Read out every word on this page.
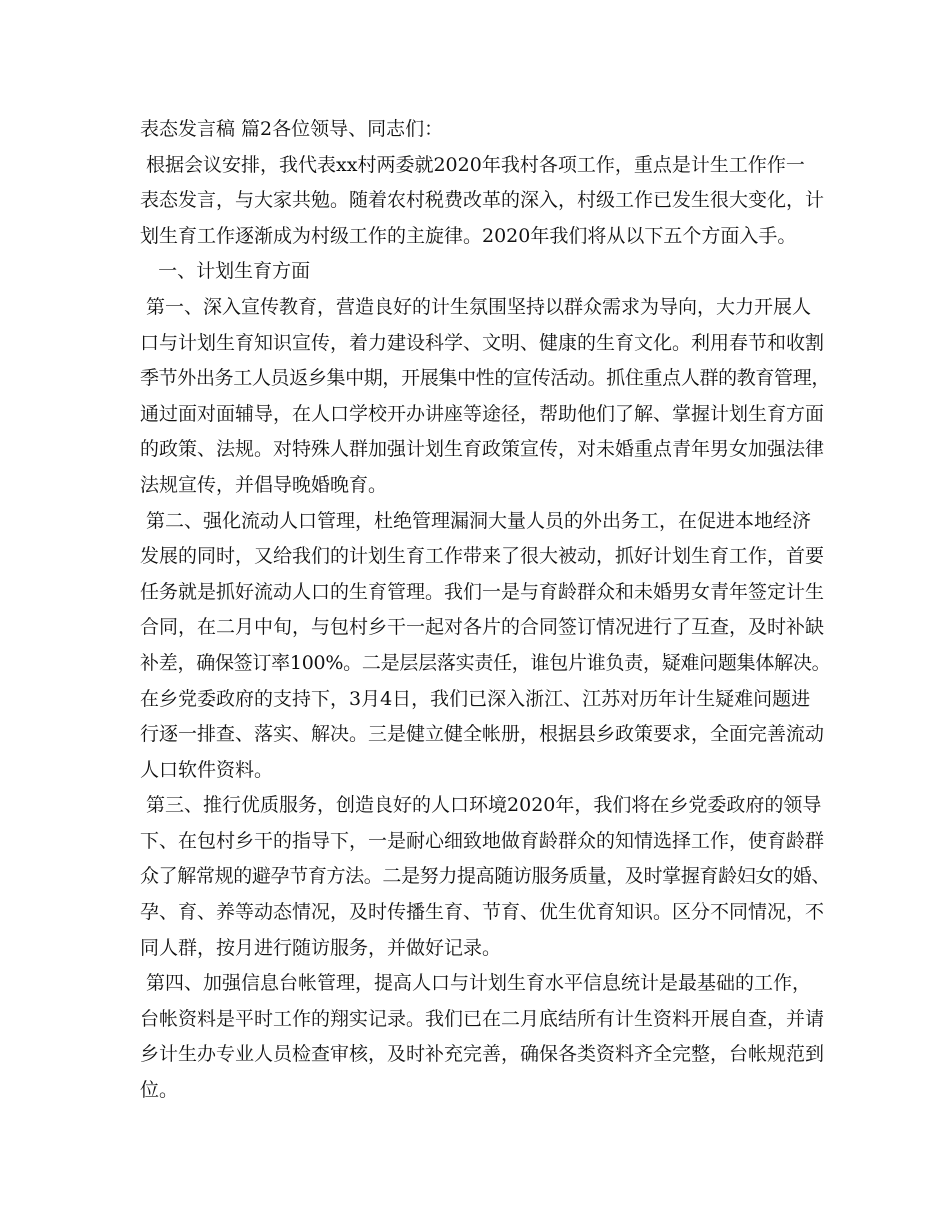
表态发言稿 篇2各位领导、同志们：
根据会议安排，我代表xx村两委就2020年我村各项工作，重点是计生工作作一
表态发言，与大家共勉。随着农村税费改革的深入，村级工作已发生很大变化，计
划生育工作逐渐成为村级工作的主旋律。2020年我们将从以下五个方面入手。
一、计划生育方面
第一、深入宣传教育，营造良好的计生氛围坚持以群众需求为导向，大力开展人
口与计划生育知识宣传，着力建设科学、文明、健康的生育文化。利用春节和收割
季节外出务工人员返乡集中期，开展集中性的宣传活动。抓住重点人群的教育管理，
通过面对面辅导，在人口学校开办讲座等途径，帮助他们了解、掌握计划生育方面
的政策、法规。对特殊人群加强计划生育政策宣传，对未婚重点青年男女加强法律
法规宣传，并倡导晚婚晚育。
第二、强化流动人口管理，杜绝管理漏洞大量人员的外出务工，在促进本地经济
发展的同时，又给我们的计划生育工作带来了很大被动，抓好计划生育工作，首要
任务就是抓好流动人口的生育管理。我们一是与育龄群众和未婚男女青年签定计生
合同，在二月中旬，与包村乡干一起对各片的合同签订情况进行了互查，及时补缺
补差，确保签订率100%。二是层层落实责任，谁包片谁负责，疑难问题集体解决。
在乡党委政府的支持下，3月4日，我们已深入浙江、江苏对历年计生疑难问题进
行逐一排查、落实、解决。三是健立健全帐册，根据县乡政策要求，全面完善流动
人口软件资料。
第三、推行优质服务，创造良好的人口环境2020年，我们将在乡党委政府的领导
下、在包村乡干的指导下，一是耐心细致地做育龄群众的知情选择工作，使育龄群
众了解常规的避孕节育方法。二是努力提高随访服务质量，及时掌握育龄妇女的婚、
孕、育、养等动态情况，及时传播生育、节育、优生优育知识。区分不同情况，不
同人群，按月进行随访服务，并做好记录。
第四、加强信息台帐管理，提高人口与计划生育水平信息统计是最基础的工作，
台帐资料是平时工作的翔实记录。我们已在二月底结所有计生资料开展自查，并请
乡计生办专业人员检查审核，及时补充完善，确保各类资料齐全完整，台帐规范到
位。
